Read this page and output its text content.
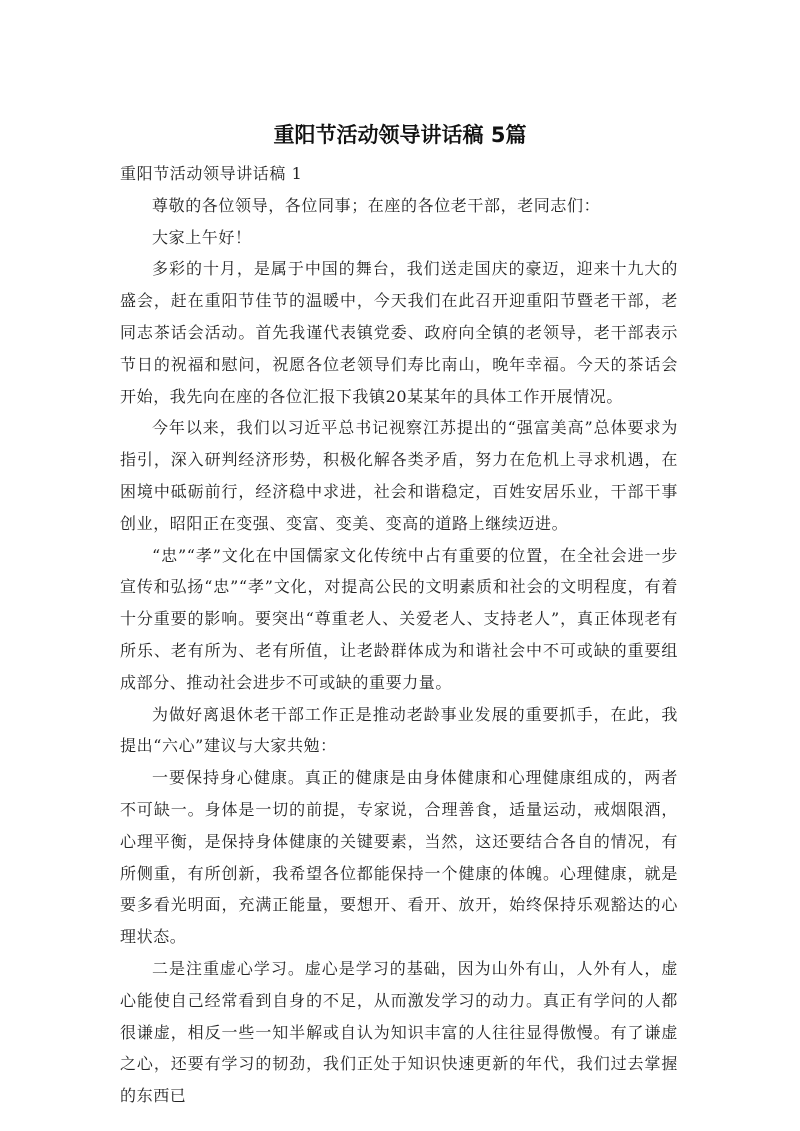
重阳节活动领导讲话稿 5篇

重阳节活动领导讲话稿 1

尊敬的各位领导，各位同事；在座的各位老干部，老同志们：

大家上午好！

多彩的十月，是属于中国的舞台，我们送走国庆的豪迈，迎来十九大的盛会，赶在重阳节佳节的温暖中，今天我们在此召开迎重阳节暨老干部，老同志茶话会活动。首先我谨代表镇党委、政府向全镇的老领导，老干部表示节日的祝福和慰问，祝愿各位老领导们寿比南山，晚年幸福。今天的茶话会开始，我先向在座的各位汇报下我镇20某某年的具体工作开展情况。

今年以来，我们以习近平总书记视察江苏提出的“强富美高”总体要求为指引，深入研判经济形势，积极化解各类矛盾，努力在危机上寻求机遇，在困境中砥砺前行，经济稳中求进，社会和谐稳定，百姓安居乐业，干部干事创业，昭阳正在变强、变富、变美、变高的道路上继续迈进。

“忠”“孝”文化在中国儒家文化传统中占有重要的位置，在全社会进一步宣传和弘扬“忠”“孝”文化，对提高公民的文明素质和社会的文明程度，有着十分重要的影响。要突出“尊重老人、关爱老人、支持老人”，真正体现老有所乐、老有所为、老有所值，让老龄群体成为和谐社会中不可或缺的重要组成部分、推动社会进步不可或缺的重要力量。

为做好离退休老干部工作正是推动老龄事业发展的重要抓手，在此，我提出“六心”建议与大家共勉：

一要保持身心健康。真正的健康是由身体健康和心理健康组成的，两者不可缺一。身体是一切的前提，专家说，合理善食，适量运动，戒烟限酒，心理平衡，是保持身体健康的关键要素，当然，这还要结合各自的情况，有所侧重，有所创新，我希望各位都能保持一个健康的体魄。心理健康，就是要多看光明面，充满正能量，要想开、看开、放开，始终保持乐观豁达的心理状态。

二是注重虚心学习。虚心是学习的基础，因为山外有山，人外有人，虚心能使自己经常看到自身的不足，从而激发学习的动力。真正有学问的人都很谦虚，相反一些一知半解或自认为知识丰富的人往往显得傲慢。有了谦虚之心，还要有学习的韧劲，我们正处于知识快速更新的年代，我们过去掌握的东西已
